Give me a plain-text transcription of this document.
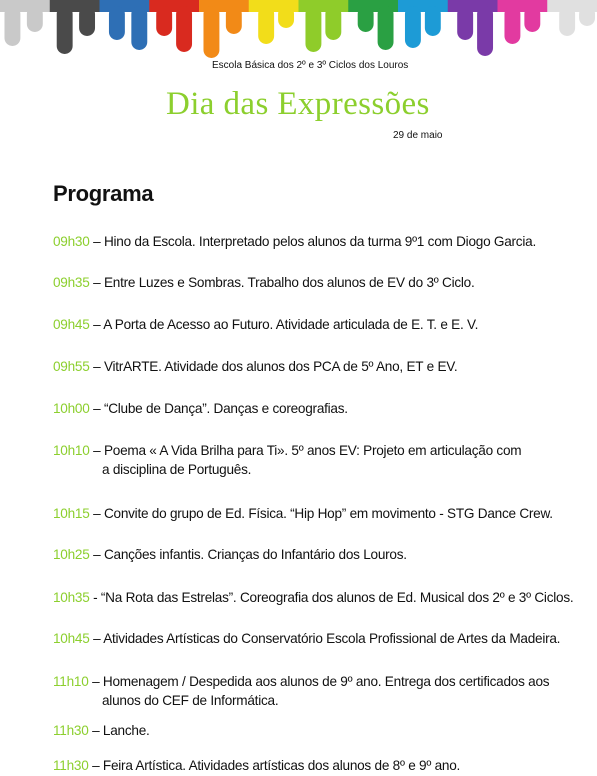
Escola Básica dos 2º e 3º Ciclos dos Louros
Dia das Expressões
29 de maio
Programa
09h30 – Hino da Escola. Interpretado pelos alunos da turma 9º1 com Diogo Garcia.
09h35 – Entre Luzes e Sombras. Trabalho dos alunos de EV do 3º Ciclo.
09h45 – A Porta de Acesso ao Futuro. Atividade articulada de E. T. e E. V.
09h55 – VitrARTE. Atividade dos alunos dos PCA de 5º Ano, ET e EV.
10h00 – “Clube de Dança”. Danças e coreografias.
10h10 – Poema « A Vida Brilha para Ti». 5º anos EV: Projeto em articulação com
a disciplina de Português.
10h15 – Convite do grupo de Ed. Física. “Hip Hop” em movimento - STG Dance Crew.
10h25 – Canções infantis. Crianças do Infantário dos Louros.
10h35 - “Na Rota das Estrelas”. Coreografia dos alunos de Ed. Musical dos 2º e 3º Ciclos.
10h45 – Atividades Artísticas do Conservatório Escola Profissional de Artes da Madeira.
11h10 – Homenagem / Despedida aos alunos de 9º ano. Entrega dos certificados aos
alunos do CEF de Informática.
11h30 – Lanche.
11h30 – Feira Artística. Atividades artísticas dos alunos de 8º e 9º ano.
